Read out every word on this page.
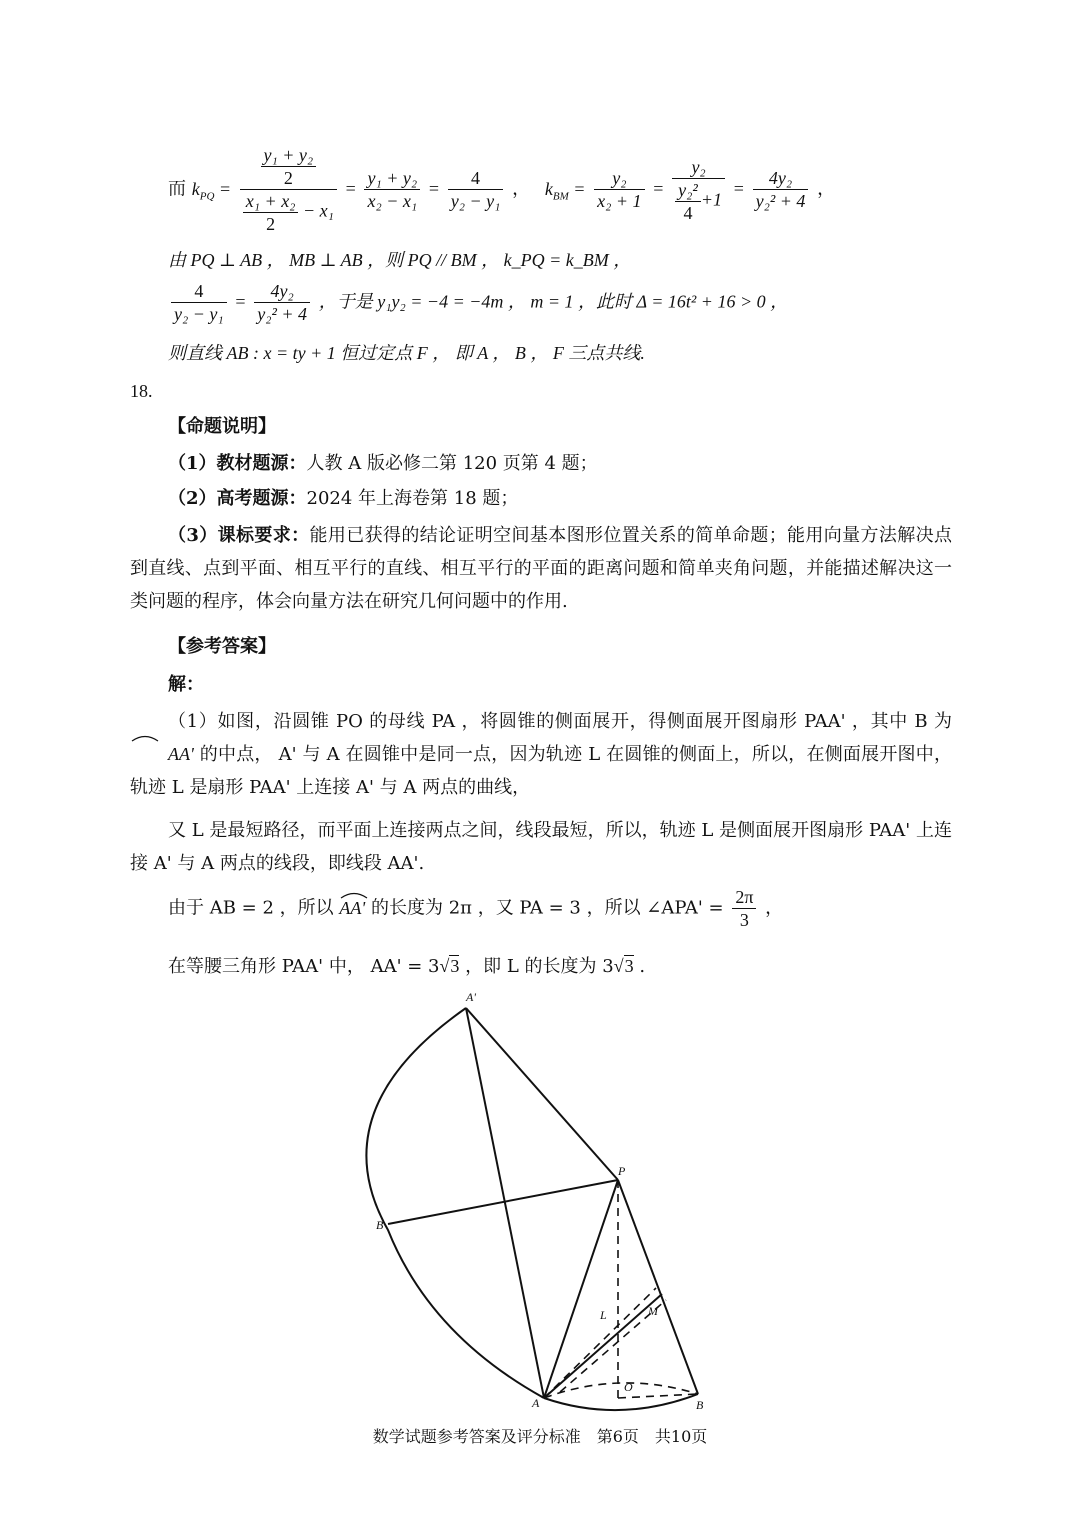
而 $k_{PQ} = \frac{\frac{\text{y₁ + y₂}}{2}}{\frac{\text{x₁ + x₂}}{2} - x_1} = \frac{\text{y₁ + y₂}}{\text{x₂ − x₁}} = \frac{4}{\text{y₂ − y₁}}$ ，　 $k_{BM} = \frac{\text{y₂}}{\text{x₂ + 1}} = \frac{\text{y₂}}{\frac{\text{y₂²}}{4} +1} = \frac{\text{4y₂}}{\text{y₂² + 4}}$ ，
由 PQ ⊥ AB ， MB ⊥ AB ，则 PQ // BM ， k_PQ = k_BM ，
$\frac{4}{\text{y₂ − y₁}} = \frac{\text{4y₂}}{\text{y₂² + 4}}$ ，于是 y₁y₂ = −4 = −4m ， m = 1 ，此时 Δ = 16t² + 16 > 0 ，
则直线 AB : x = ty + 1 恒过定点 F ， 即 A ， B ， F 三点共线.
18.
【命题说明】
（1）教材题源：人教 A 版必修二第 120 页第 4 题；
（2）高考题源：2024 年上海卷第 18 题；
（3）课标要求：能用已获得的结论证明空间基本图形位置关系的简单命题；能用向量方法解决点到直线、点到平面、相互平行的直线、相互平行的平面的距离问题和简单夹角问题，并能描述解决这一类问题的程序，体会向量方法在研究几何问题中的作用.
【参考答案】
解：
（1）如图，沿圆锥 PO 的母线 PA ，将圆锥的侧面展开，得侧面展开图扇形 PAA' ，其中 B 为
AA' 的中点， A' 与 A 在圆锥中是同一点，因为轨迹 L 在圆锥的侧面上，所以，在侧面展开图中，轨迹 L 是扇形 PAA' 上连接 A' 与 A 两点的曲线，
又 L 是最短路径，而平面上连接两点之间，线段最短，所以，轨迹 L 是侧面展开图扇形 PAA' 上连接 A' 与 A 两点的线段，即线段 AA'.
由于 AB = 2 ，所以 AA' 的长度为 2π ，又 PA = 3 ，所以 ∠APA' = $\frac{2\pi}{3}$ ，
在等腰三角形 PAA' 中， AA' = 3√3 ，即 L 的长度为 3√3 .
A'
P
B
L	M
O
A	B
数学试题参考答案及评分标准　第6页　共10页
